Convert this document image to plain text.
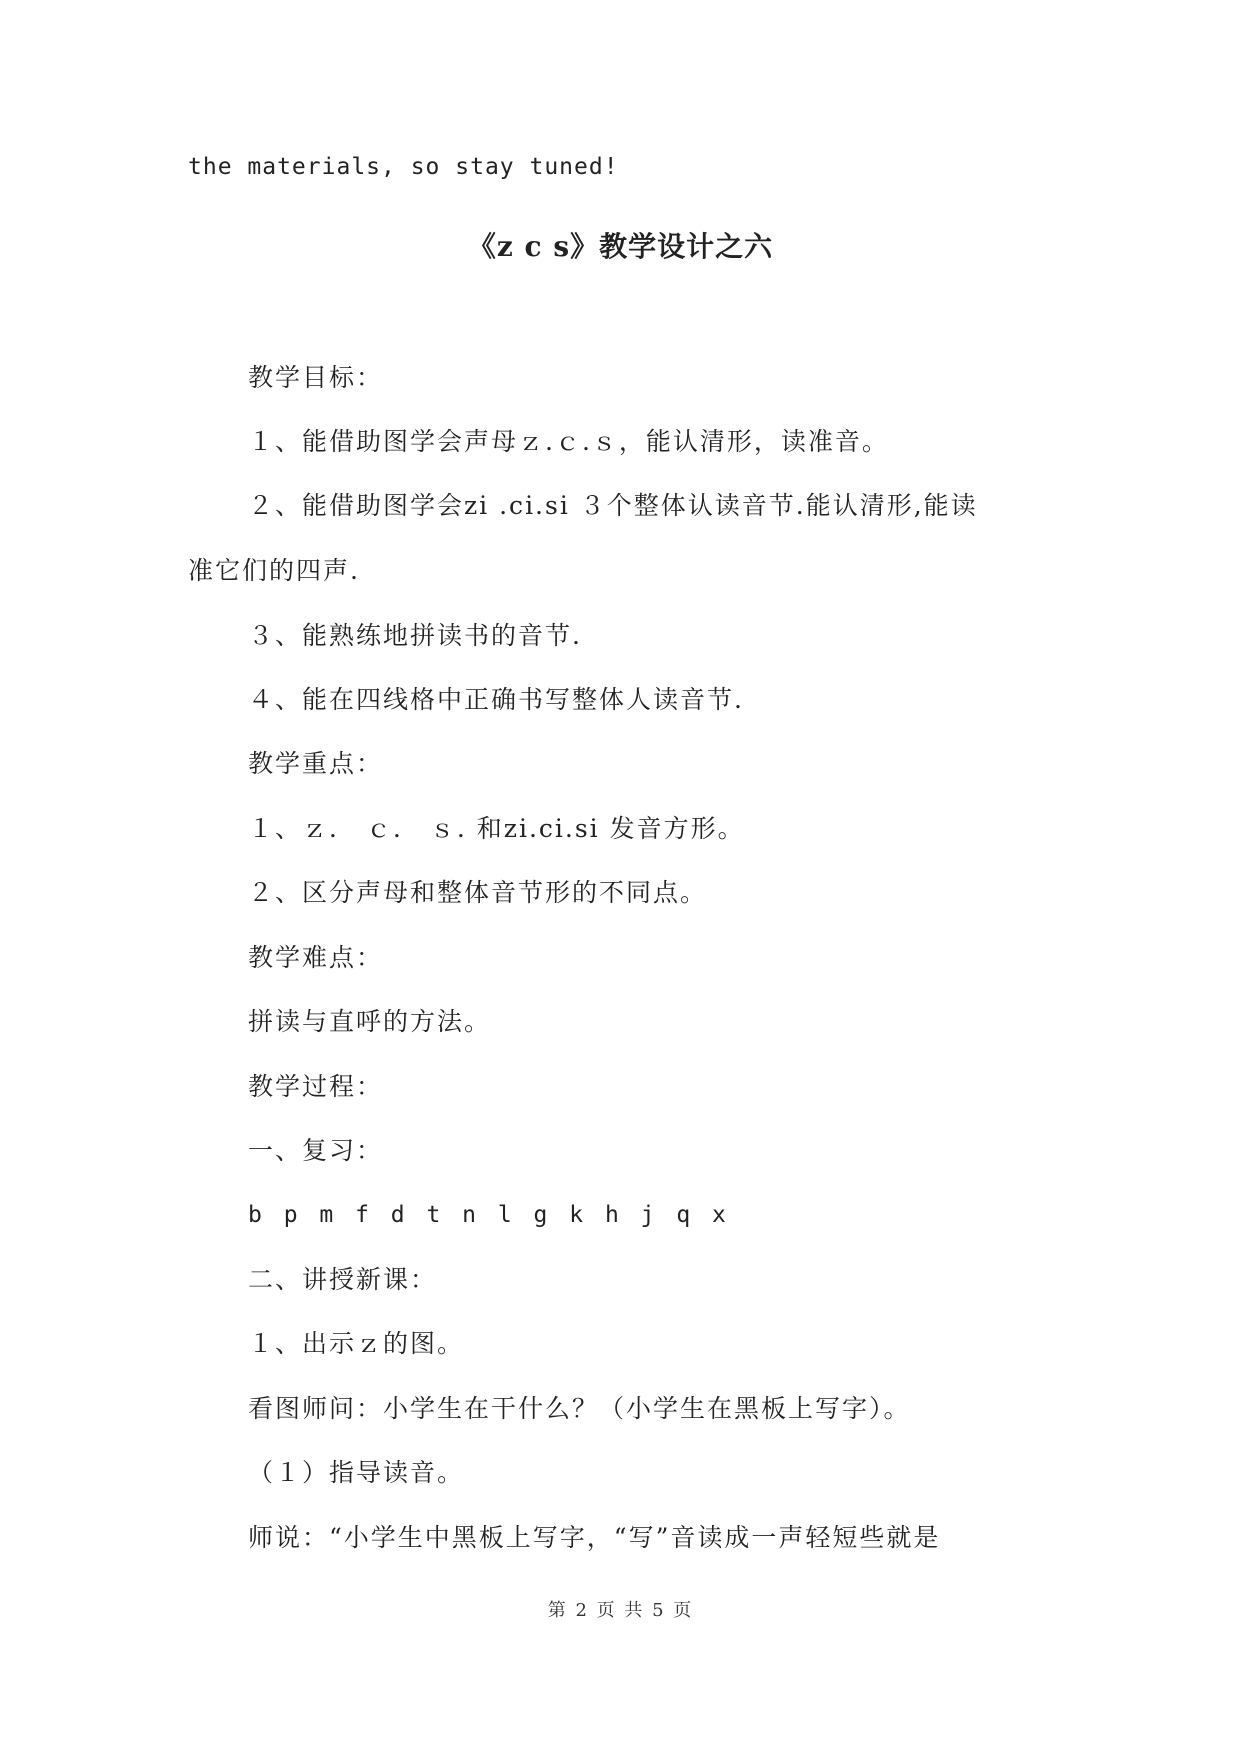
the materials, so stay tuned!
《z c s》教学设计之六
教学目标：
１、能借助图学会声母ｚ.ｃ.ｓ，能认清形，读准音。
２、能借助图学会zi .ci.si ３个整体认读音节.能认清形,能读
准它们的四声.
３、能熟练地拼读书的音节.
４、能在四线格中正确书写整体人读音节.
教学重点：
１、ｚ． ｃ． ｓ. 和zi.ci.si 发音方形。
２、区分声母和整体音节形的不同点。
教学难点：
拼读与直呼的方法。
教学过程：
一、复习：
b p m f d t n l g k h j q x
二、讲授新课：
１、出示ｚ的图。
看图师问：小学生在干什么？（小学生在黑板上写字）。
（１）指导读音。
师说：“小学生中黑板上写字，“写”音读成一声轻短些就是
第 2 页 共 5 页
